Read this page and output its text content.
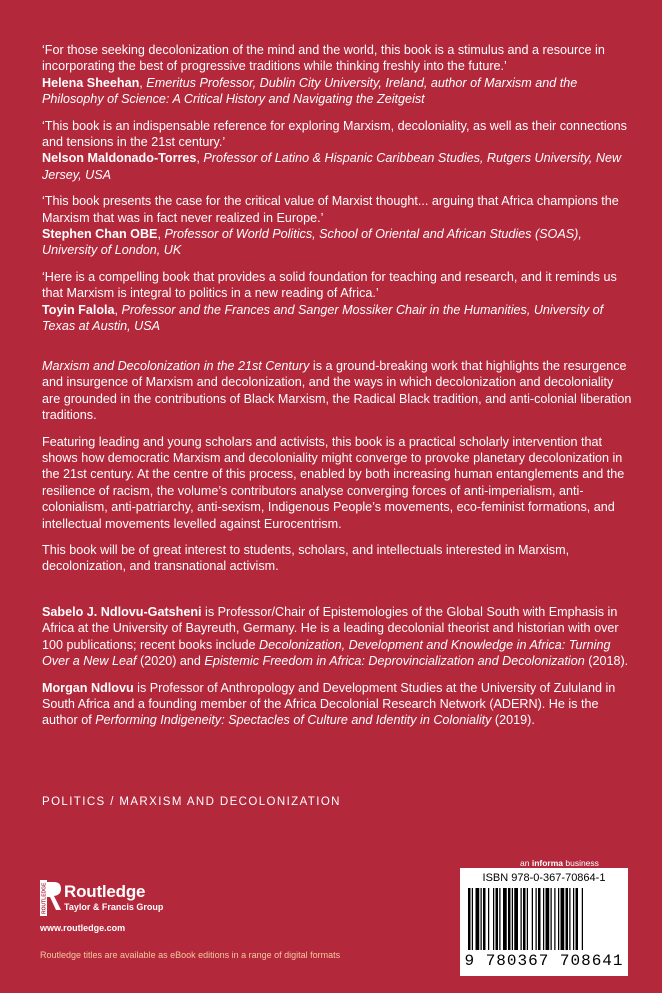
‘For those seeking decolonization of the mind and the world, this book is a stimulus and a resource in incorporating the best of progressive traditions while thinking freshly into the future.’
Helena Sheehan, Emeritus Professor, Dublin City University, Ireland, author of Marxism and the Philosophy of Science: A Critical History and Navigating the Zeitgeist
‘This book is an indispensable reference for exploring Marxism, decoloniality, as well as their connections and tensions in the 21st century.’
Nelson Maldonado-Torres, Professor of Latino & Hispanic Caribbean Studies, Rutgers University, New Jersey, USA
‘This book presents the case for the critical value of Marxist thought... arguing that Africa champions the Marxism that was in fact never realized in Europe.’
Stephen Chan OBE, Professor of World Politics, School of Oriental and African Studies (SOAS), University of London, UK
‘Here is a compelling book that provides a solid foundation for teaching and research, and it reminds us that Marxism is integral to politics in a new reading of Africa.’
Toyin Falola, Professor and the Frances and Sanger Mossiker Chair in the Humanities, University of Texas at Austin, USA

Marxism and Decolonization in the 21st Century is a ground-breaking work that highlights the resurgence and insurgence of Marxism and decolonization, and the ways in which decolonization and decoloniality are grounded in the contributions of Black Marxism, the Radical Black tradition, and anti-colonial liberation traditions.

Featuring leading and young scholars and activists, this book is a practical scholarly intervention that shows how democratic Marxism and decoloniality might converge to provoke planetary decolonization in the 21st century. At the centre of this process, enabled by both increasing human entanglements and the resilience of racism, the volume’s contributors analyse converging forces of anti-imperialism, anti-colonialism, anti-patriarchy, anti-sexism, Indigenous People’s movements, eco-feminist formations, and intellectual movements levelled against Eurocentrism.

This book will be of great interest to students, scholars, and intellectuals interested in Marxism, decolonization, and transnational activism.

Sabelo J. Ndlovu-Gatsheni is Professor/Chair of Epistemologies of the Global South with Emphasis in Africa at the University of Bayreuth, Germany. He is a leading decolonial theorist and historian with over 100 publications; recent books include Decolonization, Development and Knowledge in Africa: Turning Over a New Leaf (2020) and Epistemic Freedom in Africa: Deprovincialization and Decolonization (2018).

Morgan Ndlovu is Professor of Anthropology and Development Studies at the University of Zululand in South Africa and a founding member of the Africa Decolonial Research Network (ADERN). He is the author of Performing Indigeneity: Spectacles of Culture and Identity in Coloniality (2019).

POLITICS / MARXISM AND DECOLONIZATION
ROUTLEDGE Routledge
Taylor & Francis Group
www.routledge.com
Routledge titles are available as eBook editions in a range of digital formats
an informa business
ISBN 978-0-367-70864-1
9 780367 708641
